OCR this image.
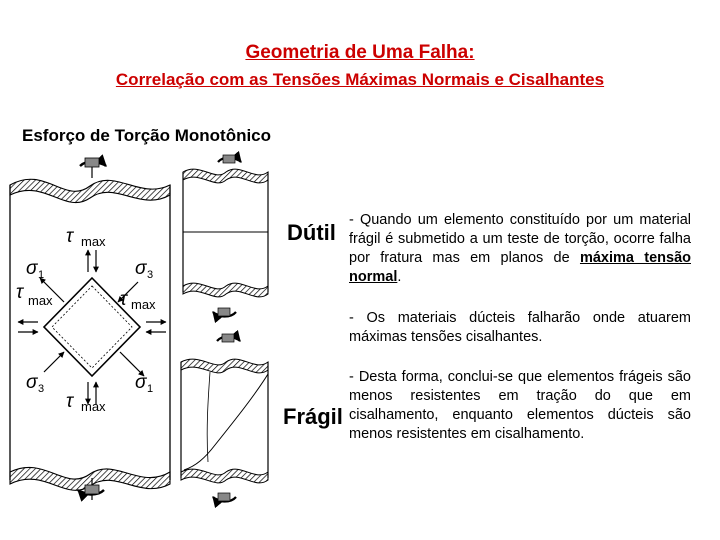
Geometria de Uma Falha:
Correlação com as Tensões Máximas Normais e Cisalhantes
Esforço de Torção Monotônico
τ max
σ 1	σ 3
τ max	τ max
σ 3	σ 1
τ max
Dútil
Frágil

- Quando um elemento constituído por um material frágil é submetido a um teste de torção, ocorre falha por fratura mas em planos de máxima tensão normal.

- Os materiais dúcteis falharão onde atuarem máximas tensões cisalhantes.

- Desta forma, conclui-se que elementos frágeis são menos resistentes em tração do que em cisalhamento, enquanto elementos dúcteis são menos resistentes em cisalhamento.
